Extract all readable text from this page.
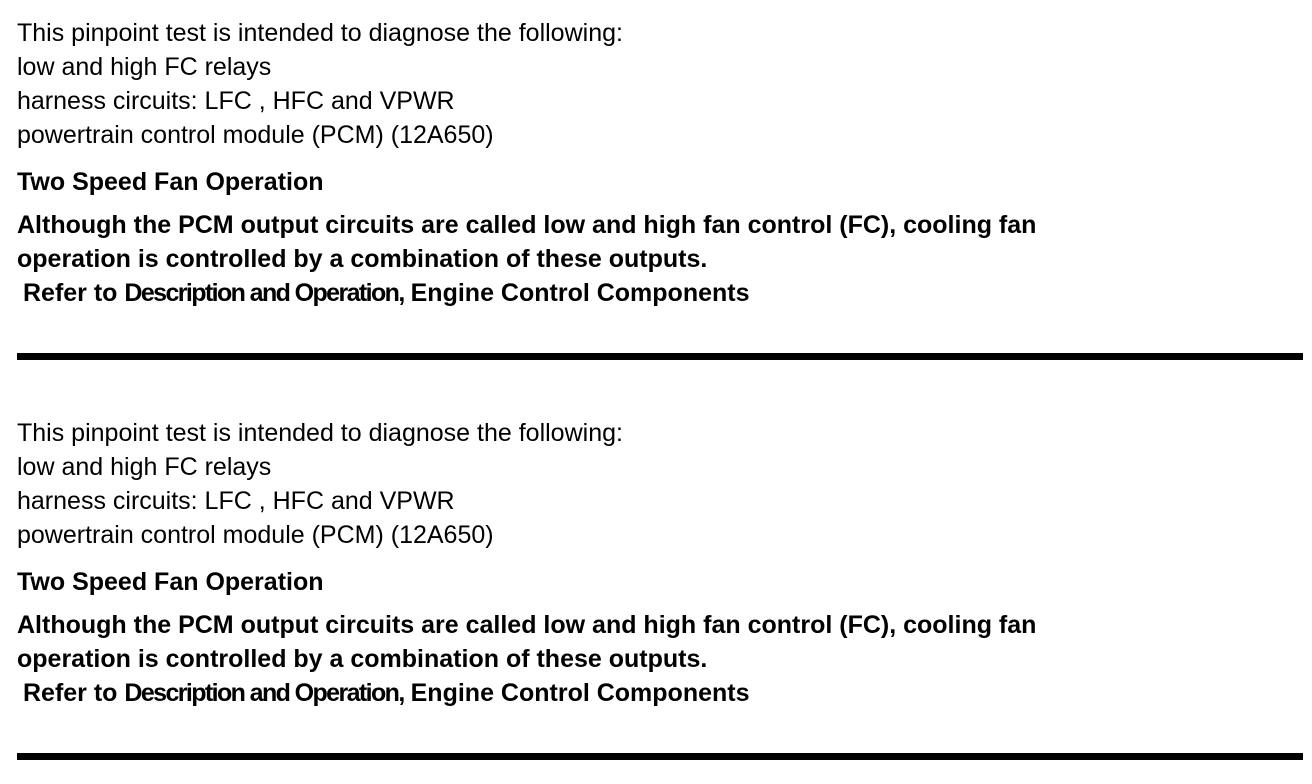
This pinpoint test is intended to diagnose the following:

low and high FC relays

harness circuits: LFC , HFC and VPWR

powertrain control module (PCM) (12A650)

Two Speed Fan Operation

Although the PCM output circuits are called low and high fan control (FC), cooling fan

operation is controlled by a combination of these outputs.

Refer to Description and Operation, Engine Control Components

This pinpoint test is intended to diagnose the following:

low and high FC relays

harness circuits: LFC , HFC and VPWR

powertrain control module (PCM) (12A650)

Two Speed Fan Operation

Although the PCM output circuits are called low and high fan control (FC), cooling fan

operation is controlled by a combination of these outputs.

Refer to Description and Operation, Engine Control Components
